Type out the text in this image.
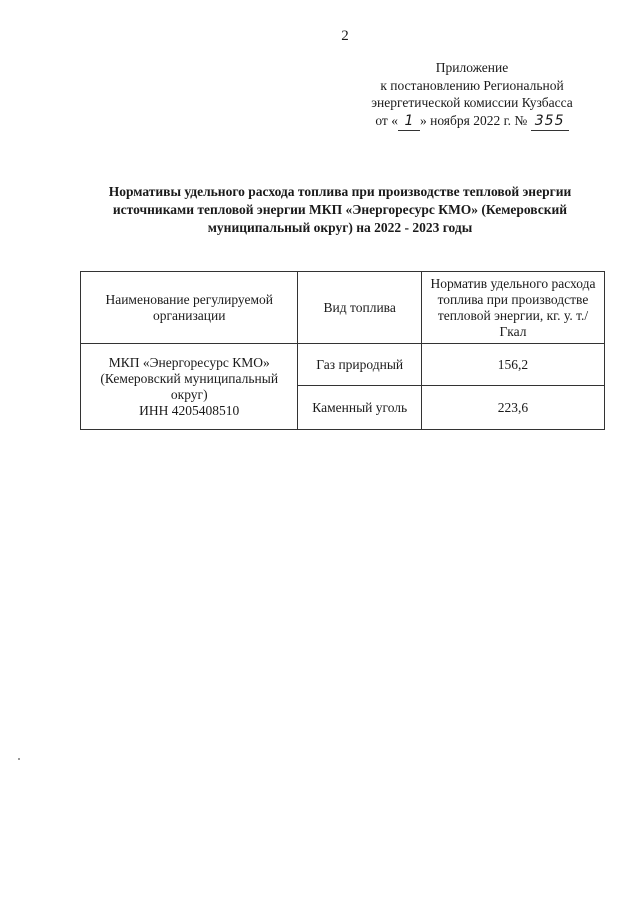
2
Приложение
к постановлению Региональной
энергетической комиссии Кузбасса
от « 1 » ноября 2022 г. № 355
Нормативы удельного расхода топлива при производстве тепловой энергии
источниками тепловой энергии МКП «Энергоресурс КМО» (Кемеровский
муниципальный округ) на 2022 - 2023 годы
Наименование регулируемой организации	Вид топлива	Норматив удельного расхода топлива при производстве тепловой энергии, кг. у. т./Гкал

МКП «Энергоресурс КМО»
(Кемеровский муниципальный округ)
ИНН 4205408510	Газ природный	156,2
	Каменный уголь	223,6
